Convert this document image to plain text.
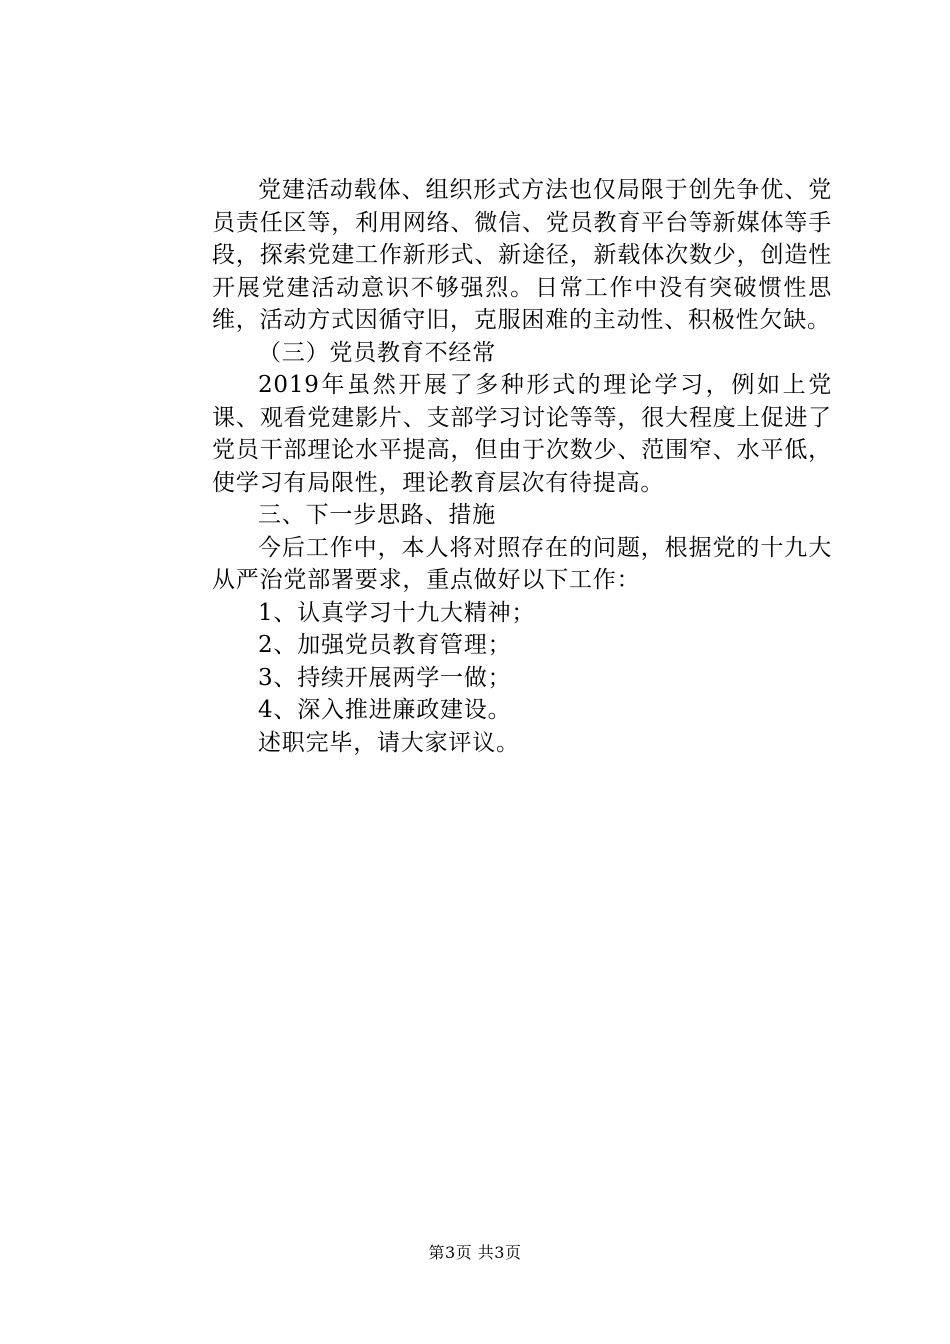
党建活动载体、组织形式方法也仅局限于创先争优、党员责任区等，利用网络、微信、党员教育平台等新媒体等手段，探索党建工作新形式、新途径，新载体次数少，创造性开展党建活动意识不够强烈。日常工作中没有突破惯性思维，活动方式因循守旧，克服困难的主动性、积极性欠缺。

（三）党员教育不经常

2019年虽然开展了多种形式的理论学习，例如上党课、观看党建影片、支部学习讨论等等，很大程度上促进了党员干部理论水平提高，但由于次数少、范围窄、水平低，使学习有局限性，理论教育层次有待提高。

三、下一步思路、措施

今后工作中，本人将对照存在的问题，根据党的十九大从严治党部署要求，重点做好以下工作：

1、认真学习十九大精神；

2、加强党员教育管理；

3、持续开展两学一做；

4、深入推进廉政建设。

述职完毕，请大家评议。

第3页 共3页
